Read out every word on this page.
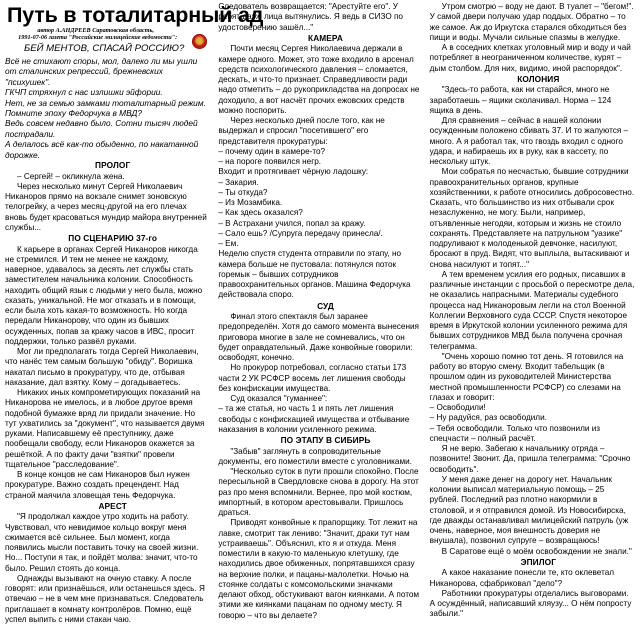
Путь в тоталитарный ад
автор А.АНДРЕЕВ Саратовская область,
1991-07-06 газета "Российские милицейские ведомости":
БЕЙ МЕНТОВ, СПАСАЙ РОССИЮ?

Всё не стихают споры, мол, далеко ли мы ушли

от сталинских репрессий, брежневских "психушек".

ГКЧП стряхнул с нас излишки эйфории.

Нет, не за семью замками тоталитарный режим.

Помните эпоху Федорчука в МВД?

Ведь совсем недавно было. Сотни тысяч людей пострадали.

А делалось всё как-то обыденно, по накатанной дорожке.

ПРОЛОГ

– Сергей! – окликнула жена.

Через несколько минут Сергей Николаевич Никаноров прямо на вокзале снимет зоновскую телогрейку, а через месяц-другой на его плечах вновь будет красоваться мундир майора внутренней службы...

ПО СЦЕНАРИЮ 37-го

К карьере в органах Сергей Никаноров никогда не стремился. И тем не менее не каждому, наверное, удавалось за десять лет службы стать заместителем начальника колонии. Способность находить общий язык с людьми у него была, можно сказать, уникальной. Не мог отказать и в помощи, если была хоть какая-то возможность. Но когда передали Никанорову, что один из бывших осужденных, попав за кражу часов в ИВС, просит поддержки, только развёл руками.

Мог ли предполагать тогда Сергей Николаевич, что нанёс тем самым большую "обиду". Воришка накатал письмо в прокуратуру, что де, отбывая наказание, дал взятку. Кому – догадываетесь.

Никаких иных компрометирующих показаний на Никанорова не имелось, и в любое другое время подобной бумажке вряд ли придали значение. Но тут ухватились за "документ", что называется двумя руками. Написавшему её преступнику, даже пообещали свободу, если Никаноров окажется за решёткой. А по факту дачи "взятки" провели тщательное "расследование".

В конце концов не сам Никаноров был нужен прокуратуре. Важно создать прецендент. Над страной маячила зловещая тень Федорчука.

АРЕСТ

"Я продолжал каждое утро ходить на работу. Чувствовал, что невидимое кольцо вокруг меня сжимается всё сильнее. Был момент, когда появились мысли поставить точку на своей жизни. Но... Поступи я так, и пойдёт молва: значит, что-то было. Решил стоять до конца.

Однажды вызывают на очную ставку. А после говорят: или признаёшься, или останешься здесь. Я отвечаю – не в чем мне признаваться. Следователь приглашает в комнату контролёров. Помню, ещё успел выпить с ними стакан чаю.

Следователь возвращается: "Арестуйте его". У ребят даже лица вытянулись. Я ведь в СИЗО по удостоверению зашёл..."

КАМЕРА

Почти месяц Сергея Николаевича держали в камере одного. Может, это тоже входило в арсенал средств психологического давления – сломается, дескать, и что-то признает. Справедливости ради надо отметить – до рукоприкладства на допросах не доходило, а вот насчёт прочих ежовских средств можно поспорить.

Через несколько дней после того, как не выдержал и спросил "посетившего" его представителя прокуратуры:

– почему один в камере-то?

– на пороге появился негр.

Входит и протягивает чёрную ладошку:

– Закария.

– Ты откуда?

– Из Мозамбика.

– Как здесь оказался?

– В Астрахани учился, попал за кражу.

– Сало ешь? /Супруга передачу принесла/.

– Ем.

Неделю спустя студента отправили по этапу, но камера больше не пустовала: потянулся поток горемык – бывших сотрудников

правоохранительных органов. Машина Федорчука действовала споро.

СУД

Финал этого спектакля был заранее предопределён. Хотя до самого момента вынесения приговора многие в зале не сомневались, что он будет оправдательный. Даже конвойные говорили: освободят, конечно.

Но прокурор потребовал, согласно статьи 173 части 2 УК РСФСР восемь лет лишения свободы без конфискации имущества.

Суд оказался "гуманнее":

– та же статья, но часть 1 и пять лет лишения свободы с конфискацией имущества и отбывание наказания в колонии усиленного режима.

ПО ЭТАПУ В СИБИРЬ

"Забыв" заглянуть в сопроводительные документы, его поместили вместе с уголовниками.

"Несколько суток в пути прошли спокойно. После пересыльной в Свердловске снова в дорогу. На этот раз про меня вспомнили. Вернее, про мой костюм, импортный, в котором арестовывали. Пришлось драться.

Приводят конвойные к прапорщику. Тот лежит на лавке, смотрит так лениво: "Значит, драки тут нам устраиваешь". Объяснил, кто я и откуда. Меня поместили в какую-то маленькую клетушку, где находились двое обиженных, попрятавшихся сразу на верхние полки, и пацаны-малолетки. Ночью на стоянке солдаты с комсомольскими значками делают обход, обстукивают вагон киянками. А потом этими же киянками пацанам по одному месту. Я говорю – что вы делаете?

Утром смотрю – воду не дают. В туалет – "бегом!". У самой двери получаю удар поддых. Обратно – то же самое. Аж до Иркутска старался обходиться без пищи и воды. Мучали сильные спазмы в желудке.

А в соседних клетках уголовный мир и воду и чай потребляет в неограниченном количестве, курят – дым столбом. Для них, видимо, иной распорядок".

КОЛОНИЯ

"Здесь-то работа, как ни старайся, много не заработаешь – ящики сколачивал. Норма – 124 ящика в день.

Для сравнения – сейчас в нашей колонии осужденным положено сбивать 37. И то жалуются – много. А я работал так, что гвоздь входил с одного удара, и набираешь их в руку, как в кассету, по нескольку штук.

Мои собратья по несчастью, бывшие сотрудники правоохранительных органов, крупные хозяйственники, к работе относились добросовестно. Сказать, что большинство из них отбывали срок незаслуженно, не могу. Были, например, отъявленные негодяи, которым и жизнь не стоило сохранять. Представляете на патрульном "уазике" подруливают к молоденькой девчонке, насилуют, бросают в пруд. Видят, что выплыла, вытаскивают и снова насилуют и топят..."

А тем временем усилия его родных, писавших в различные инстанции с просьбой о пересмотре дела, не оказались напрасными. Материалы судебного процесса над Никаноровым легли на стол Военной Коллегии Верховного суда СССР. Спустя некоторое время в Иркутской колонии усиленного режима для бывших сотрудников МВД была получена срочная телеграмма.

"Очень хорошо помню тот день. Я готовился на работу во вторую смену. Входит табельщик (в прошлом один из руководителей Министерства местной промышленности РСФСР) со слезами на глазах и говорит:

– Освободили!

– Ну радуйся, раз освободили.

– Тебя освободили. Только что позвонили из спецчасти – полный расчёт.

Я не верю. Забегаю к начальнику отряда – позвоните! Звонит. Да, пришла телеграмма: "Срочно освободить".

У меня даже денег на дорогу нет. Начальник колонии выписал материальную помощь – 25 рублей. Последний раз плотно накормили в столовой, и я отправился домой. Из Новосибирска, где дважды останавливал милицейский патруль (уж очень, наверное, моя внешность доверия не внушала), позвонил супруге – возвращаюсь!

В Саратове ещё о моём освобождении не знали."

ЭПИЛОГ

А какое наказание понесли те, кто оклеветал Никанорова, сфабриковал "дело"?

Работники прокуратуры отделались выговорами. А осуждённый, написавший кляузу... О нём попросту забыли."
